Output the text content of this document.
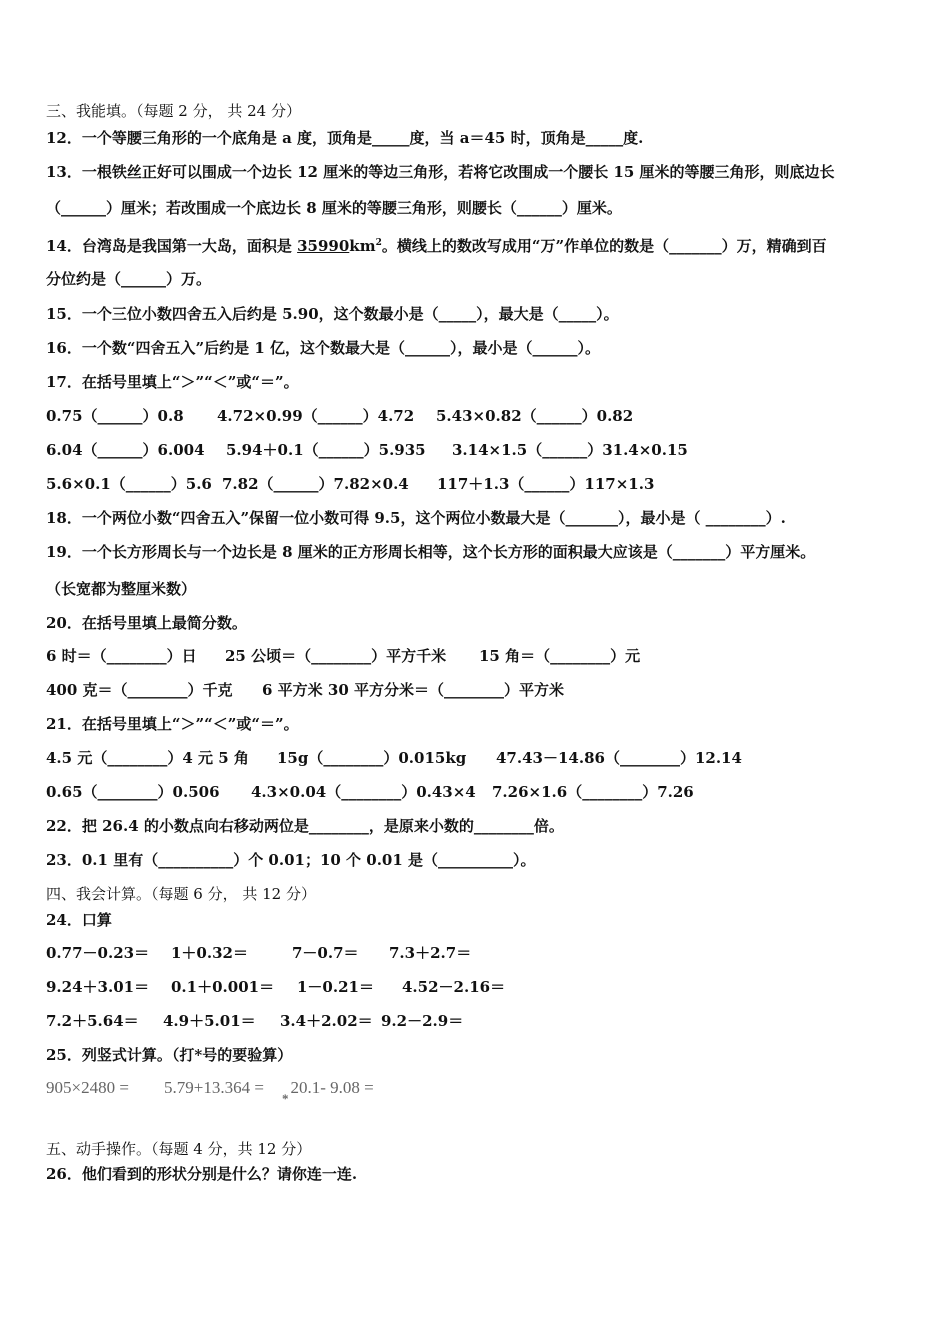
三、我能填。（每题 2 分， 共 24 分）
12．一个等腰三角形的一个底角是 a 度，顶角是_____度，当 a＝45 时，顶角是_____度.
13．一根铁丝正好可以围成一个边长 12 厘米的等边三角形，若将它改围成一个腰长 15 厘米的等腰三角形，则底边长
（______）厘米；若改围成一个底边长 8 厘米的等腰三角形，则腰长（______）厘米。
14．台湾岛是我国第一大岛，面积是 $35990km^2$。横线上的数改写成用“万”作单位的数是（_______）万，精确到百
分位约是（______）万。
15．一个三位小数四舍五入后约是 5.90，这个数最小是（_____），最大是（_____）。
16．一个数“四舍五入”后约是 1 亿，这个数最大是（______），最小是（______）。
17．在括号里填上“＞”“＜”或“＝”。
0.75（______）0.8 4.72×0.99（______）4.72 5.43×0.82（______）0.82
6.04（______）6.004 5.94＋0.1（______）5.935 3.14×1.5（______）31.4×0.15
5.6×0.1（______）5.6 7.82（______）7.82×0.4 117＋1.3（______）117×1.3
18．一个两位小数“四舍五入”保留一位小数可得 9.5，这个两位小数最大是（_______），最小是（ ________）.
19．一个长方形周长与一个边长是 8 厘米的正方形周长相等，这个长方形的面积最大应该是（_______）平方厘米。
（长宽都为整厘米数）
20．在括号里填上最简分数。
6 时＝（________）日 25 公顷＝（________）平方千米 15 角＝（________）元
400 克＝（________）千克 6 平方米 30 平方分米＝（________）平方米
21．在括号里填上“＞”“＜”或“＝”。
4.5 元（________）4 元 5 角 15g（________）0.015kg 47.43－14.86（________）12.14
0.65（________）0.506 4.3×0.04（________）0.43×4 7.26×1.6（________）7.26
22．把 26.4 的小数点向右移动两位是________，是原来小数的________倍。
23．0.1 里有（__________）个 0.01；10 个 0.01 是（__________）。
四、我会计算。（每题 6 分， 共 12 分）
24．口算
0.77－0.23＝ 1＋0.32＝	7－0.7＝ 7.3＋2.7＝
9.24＋3.01＝ 0.1＋0.001＝ 1－0.21＝ 4.52－2.16＝
7.2＋5.64＝ 4.9＋5.01＝ 3.4＋2.02＝ 9.2－2.9＝
25．列竖式计算。（打*号的要验算）
$905\times 2480 = 5.79+13.364 =_*20.1-$ 9.08 =
五、动手操作。（每题 4 分，共 12 分）
26．他们看到的形状分别是什么？请你连一连.
